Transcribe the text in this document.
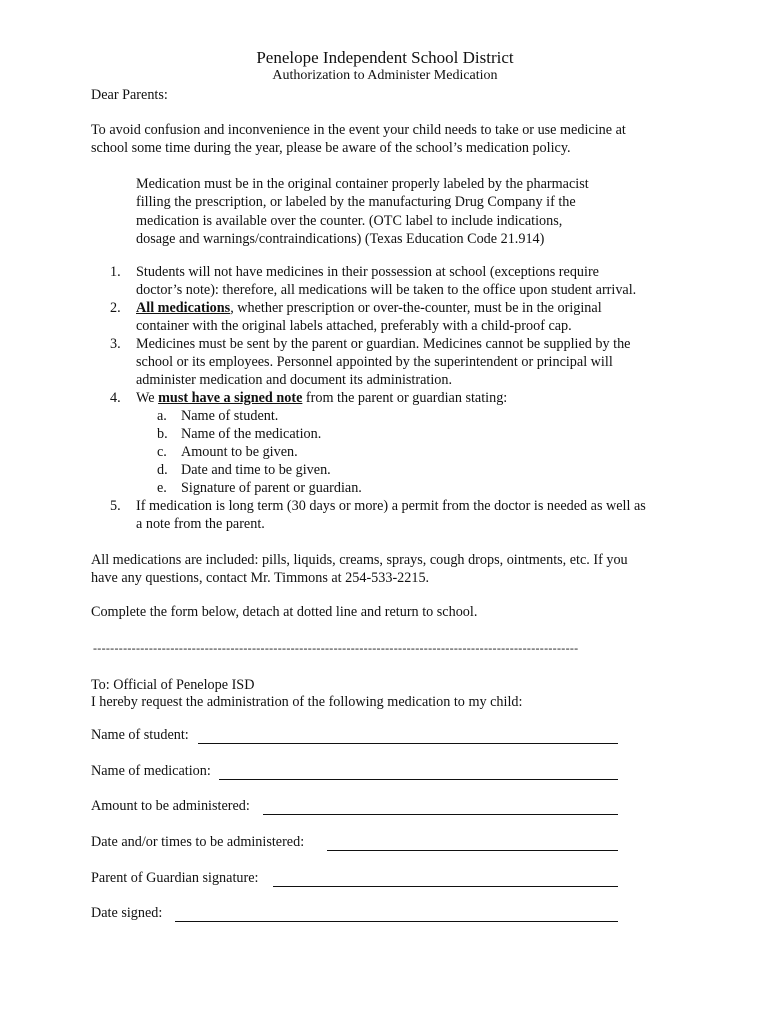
Penelope Independent School District
Authorization to Administer Medication
Dear Parents:
To avoid confusion and inconvenience in the event your child needs to take or use medicine at
school some time during the year, please be aware of the school’s medication policy.
Medication must be in the original container properly labeled by the pharmacist
filling the prescription, or labeled by the manufacturing Drug Company if the
medication is available over the counter. (OTC label to include indications,
dosage and warnings/contraindications) (Texas Education Code 21.914)
1.	Students will not have medicines in their possession at school (exceptions require
doctor’s note): therefore, all medications will be taken to the office upon student arrival.
2.	All medications, whether prescription or over-the-counter, must be in the original
container with the original labels attached, preferably with a child-proof cap.
3.	Medicines must be sent by the parent or guardian. Medicines cannot be supplied by the
school or its employees. Personnel appointed by the superintendent or principal will
administer medication and document its administration.
4.	We must have a signed note from the parent or guardian stating:
a. Name of student.
b. Name of the medication.
c. Amount to be given.
d. Date and time to be given.
e. Signature of parent or guardian.
5.	If medication is long term (30 days or more) a permit from the doctor is needed as well as
a note from the parent.
All medications are included: pills, liquids, creams, sprays, cough drops, ointments, etc. If you
have any questions, contact Mr. Timmons at 254-533-2215.
Complete the form below, detach at dotted line and return to school.
-----------------------------------------------------------------------------------------------------------------
To: Official of Penelope ISD
I hereby request the administration of the following medication to my child:
Name of student:
Name of medication:
Amount to be administered:
Date and/or times to be administered:
Parent of Guardian signature:
Date signed:
